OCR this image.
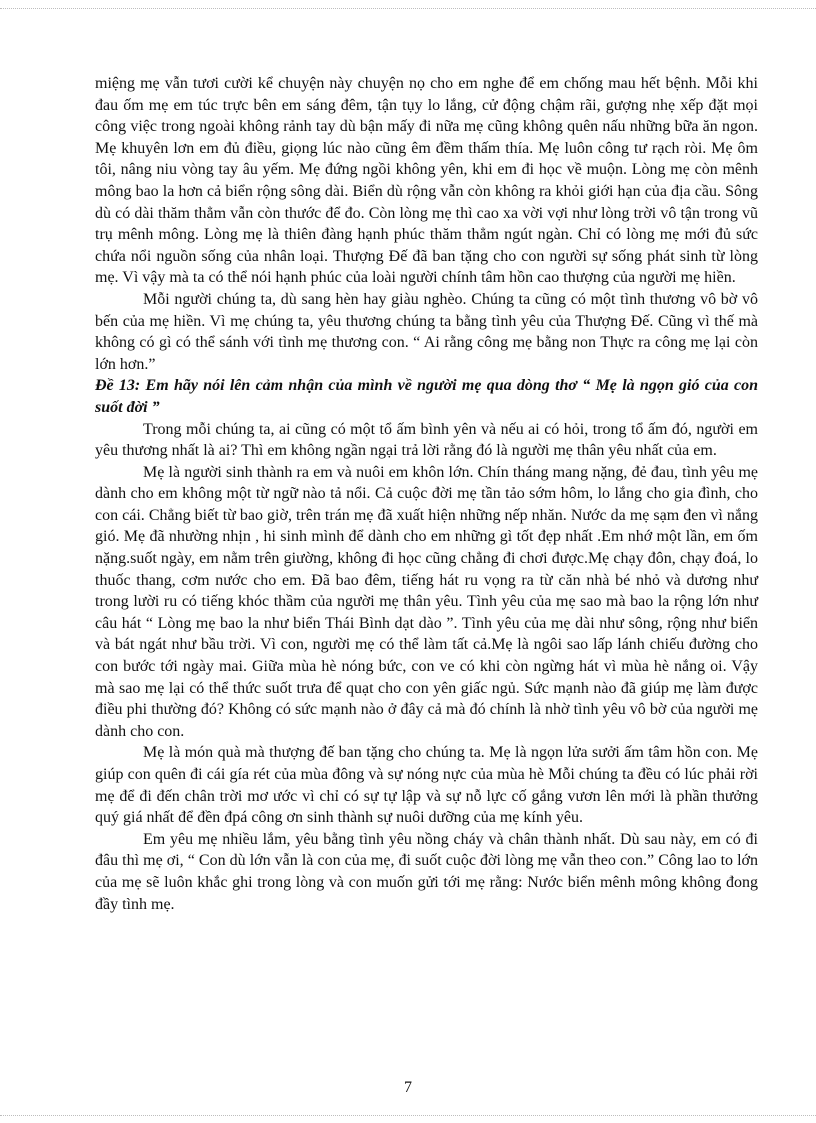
miệng mẹ vẫn tươi cười kể chuyện này chuyện nọ cho em nghe để em chống mau hết bệnh. Mỗi khi đau ốm mẹ em túc trực bên em sáng đêm, tận tụy lo lắng, cử động chậm rãi, gượng nhẹ xếp đặt mọi công việc trong ngoài không rảnh tay dù bận mấy đi nữa mẹ cũng không quên nấu những bữa ăn ngon. Mẹ khuyên lơn em đủ điều, giọng lúc nào cũng êm đềm thấm thía. Mẹ luôn công tư rạch ròi. Mẹ ôm tôi, nâng niu vòng tay âu yếm. Mẹ đứng ngồi không yên, khi em đi học về muộn. Lòng mẹ còn mênh mông bao la hơn cả biển rộng sông dài. Biển dù rộng vẫn còn không ra khỏi giới hạn của địa cầu. Sông dù có dài thăm thẳm vẫn còn thước để đo. Còn lòng mẹ thì cao xa vời vợi như lòng trời vô tận trong vũ trụ mênh mông. Lòng mẹ là thiên đàng hạnh phúc thăm thẳm ngút ngàn. Chỉ có lòng mẹ mới đủ sức chứa nổi nguồn sống của nhân loại. Thượng Đế đã ban tặng cho con người sự sống phát sinh từ lòng mẹ. Vì vậy mà ta có thể nói hạnh phúc của loài người chính tâm hồn cao thượng của người mẹ hiền.

Mỗi người chúng ta, dù sang hèn hay giàu nghèo. Chúng ta cũng có một tình thương vô bờ vô bến của mẹ hiền. Vì mẹ chúng ta, yêu thương chúng ta bằng tình yêu của Thượng Đế. Cũng vì thế mà không có gì có thể sánh với tình mẹ thương con. “ Ai rằng công mẹ bằng non Thực ra công mẹ lại còn lớn hơn.”

Đề 13: Em hãy nói lên cảm nhận của mình về người mẹ qua dòng thơ “ Mẹ là ngọn gió của con suốt đời ”

Trong mỗi chúng ta, ai cũng có một tổ ấm bình yên và nếu ai có hỏi, trong tổ ấm đó, người em yêu thương nhất là ai? Thì em không ngần ngại trả lời rằng đó là người mẹ thân yêu nhất của em.

Mẹ là người sinh thành ra em và nuôi em khôn lớn. Chín tháng mang nặng, đẻ đau, tình yêu mẹ dành cho em không một từ ngữ nào tả nổi. Cả cuộc đời mẹ tần tảo sớm hôm, lo lắng cho gia đình, cho con cái. Chẳng biết từ bao giờ, trên trán mẹ đã xuất hiện những nếp nhăn. Nước da mẹ sạm đen vì nắng gió. Mẹ đã nhường nhịn , hi sinh mình để dành cho em những gì tốt đẹp nhất .Em nhớ một lần, em ốm nặng.suốt ngày, em nằm trên giường, không đi học cũng chẳng đi chơi được.Mẹ chạy đôn, chạy đoá, lo thuốc thang, cơm nước cho em. Đã bao đêm, tiếng hát ru vọng ra từ căn nhà bé nhỏ và dương như trong lười ru có tiếng khóc thầm của người mẹ thân yêu. Tình yêu của mẹ sao mà bao la rộng lớn như câu hát “ Lòng mẹ bao la như biển Thái Bình dạt dào ”. Tình yêu của mẹ dài như sông, rộng như biển và bát ngát như bầu trời. Vì con, người mẹ có thể làm tất cả.Mẹ là ngôi sao lấp lánh chiếu đường cho con bước tới ngày mai. Giữa mùa hè nóng bức, con ve có khi còn ngừng hát vì mùa hè nắng oi. Vậy mà sao mẹ lại có thể thức suốt trưa để quạt cho con yên giấc ngủ. Sức mạnh nào đã giúp mẹ làm được điều phi thường đó? Không có sức mạnh nào ở đây cả mà đó chính là nhờ tình yêu vô bờ của người mẹ dành cho con.

Mẹ là món quà mà thượng đế ban tặng cho chúng ta. Mẹ là ngọn lửa sưởi ấm tâm hồn con. Mẹ giúp con quên đi cái gía rét của mùa đông và sự nóng nực của mùa hè Mỗi chúng ta đều có lúc phải rời mẹ để đi đến chân trời mơ ước vì chỉ có sự tự lập và sự nỗ lực cố gắng vươn lên mới là phần thưởng quý giá nhất để đền đpá công ơn sinh thành sự nuôi dưỡng của mẹ kính yêu.

Em yêu mẹ nhiều lắm, yêu bằng tình yêu nồng cháy và chân thành nhất. Dù sau này, em có đi đâu thì mẹ ơi, “ Con dù lớn vẫn là con của mẹ, đi suốt cuộc đời lòng mẹ vẫn theo con.” Công lao to lớn của mẹ sẽ luôn khắc ghi trong lòng và con muốn gửi tới mẹ rằng: Nước biển mênh mông không đong đầy tình mẹ.

7
